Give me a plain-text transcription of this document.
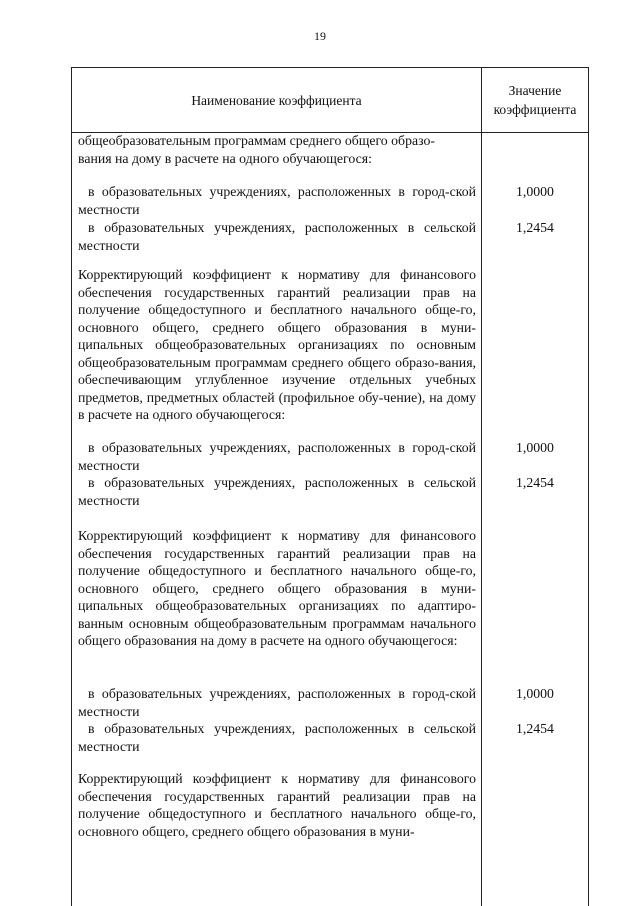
19
Наименование коэффициента
Значение
коэффициента
общеобразовательным программам среднего общего образо-
вания на дому в расчете на одного обучающегося:
в образовательных учреждениях, расположенных в город-ской местности
1,0000
в образовательных учреждениях, расположенных в сельской местности
1,2454
Корректирующий коэффициент к нормативу для финансового обеспечения государственных гарантий реализации прав на получение общедоступного и бесплатного начального обще-го, основного общего, среднего общего образования в муни-ципальных общеобразовательных организациях по основным общеобразовательным программам среднего общего образо-вания, обеспечивающим углубленное изучение отдельных учебных предметов, предметных областей (профильное обу-чение), на дому в расчете на одного обучающегося:
в образовательных учреждениях, расположенных в город-ской местности
1,0000
в образовательных учреждениях, расположенных в сельской местности
1,2454
Корректирующий коэффициент к нормативу для финансового обеспечения государственных гарантий реализации прав на получение общедоступного и бесплатного начального обще-го, основного общего, среднего общего образования в муни-ципальных общеобразовательных организациях по адаптиро-ванным основным общеобразовательным программам начального общего образования на дому в расчете на одного обучающегося:
в образовательных учреждениях, расположенных в город-ской местности
1,0000
в образовательных учреждениях, расположенных в сельской местности
1,2454
Корректирующий коэффициент к нормативу для финансового обеспечения государственных гарантий реализации прав на получение общедоступного и бесплатного начального обще-го, основного общего, среднего общего образования в муни-
